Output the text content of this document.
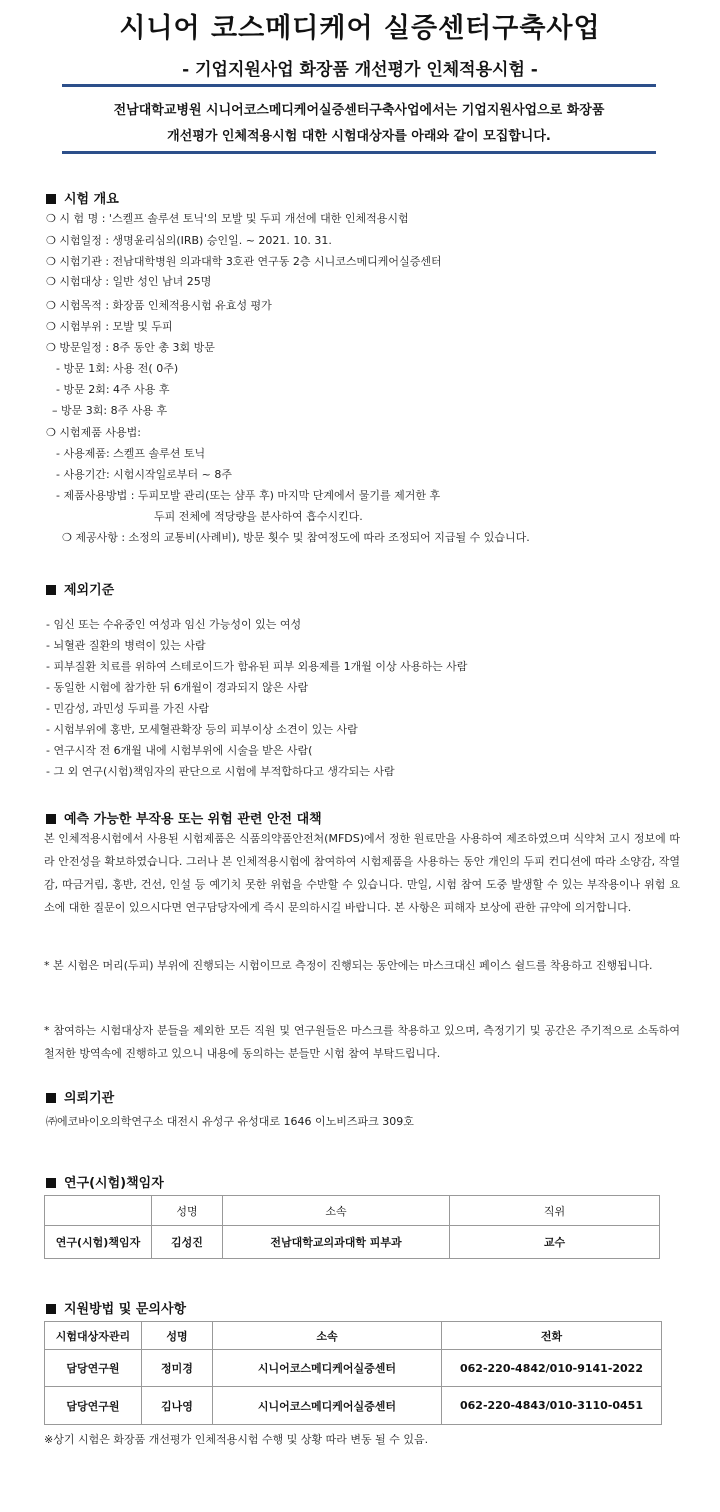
시니어 코스메디케어 실증센터구축사업
- 기업지원사업 화장품 개선평가 인체적용시험 -
전남대학교병원 시니어코스메디케어실증센터구축사업에서는 기업지원사업으로 화장품
개선평가 인체적용시험 대한 시험대상자를 아래와 같이 모집합니다.
시험 개요
❍ 시 험 명 : '스켈프 솔루션 토닉'의 모발 및 두피 개선에 대한 인체적용시험
❍ 시험일정 : 생명윤리심의(IRB) 승인일. ~ 2021. 10. 31.
❍ 시험기관 : 전남대학병원 의과대학 3호관 연구동 2층 시니코스메디케어실증센터
❍ 시험대상 : 일반 성인 남녀 25명
❍ 시험목적 : 화장품 인체적용시험 유효성 평가
❍ 시험부위 : 모발 및 두피
❍ 방문일정 : 8주 동안 총 3회 방문
- 방문 1회: 사용 전( 0주)
- 방문 2회: 4주 사용 후
– 방문 3회: 8주 사용 후
❍ 시험제품 사용법:
- 사용제품: 스켈프 솔루션 토닉
- 사용기간: 시험시작일로부터 ~ 8주
- 제품사용방법 : 두피모발 관리(또는 샴푸 후) 마지막 단계에서 물기를 제거한 후
두피 전체에 적당량을 분사하여 흡수시킨다.
❍ 제공사항 : 소정의 교통비(사례비), 방문 횟수 및 참여정도에 따라 조정되어 지급될 수 있습니다.
제외기준
- 임신 또는 수유중인 여성과 임신 가능성이 있는 여성
- 뇌혈관 질환의 병력이 있는 사람
- 피부질환 치료를 위하여 스테로이드가 함유된 피부 외용제를 1개월 이상 사용하는 사람
- 동일한 시험에 참가한 뒤 6개월이 경과되지 않은 사람
- 민감성, 과민성 두피를 가진 사람
- 시험부위에 홍반, 모세혈관확장 등의 피부이상 소견이 있는 사람
- 연구시작 전 6개월 내에 시험부위에 시술을 받은 사람(
- 그 외 연구(시험)책임자의 판단으로 시험에 부적합하다고 생각되는 사람
예측 가능한 부작용 또는 위험 관련 안전 대책
본 인체적용시험에서 사용된 시험제품은 식품의약품안전처(MFDS)에서 정한 원료만을 사용하여 제조하였으며 식약처 고시 정보에 따라 안전성을 확보하였습니다. 그러나 본 인체적용시험에 참여하여 시험제품을 사용하는 동안 개인의 두피 컨디션에 따라 소양감, 작열감, 따금거림, 홍반, 건선, 인설 등 예기치 못한 위험을 수반할 수 있습니다. 만일, 시험 참여 도중 발생할 수 있는 부작용이나 위험 요소에 대한 질문이 있으시다면 연구담당자에게 즉시 문의하시길 바랍니다. 본 사항은 피해자 보상에 관한 규약에 의거합니다.
* 본 시험은 머리(두피) 부위에 진행되는 시험이므로 측정이 진행되는 동안에는 마스크대신 페이스 쉴드를 착용하고 진행됩니다.
* 참여하는 시험대상자 분들을 제외한 모든 직원 및 연구원들은 마스크를 착용하고 있으며, 측정기기 및 공간은 주기적으로 소독하여 철저한 방역속에 진행하고 있으니 내용에 동의하는 분들만 시험 참여 부탁드립니다.
의뢰기관
㈜에코바이오의학연구소 대전시 유성구 유성대로 1646 이노비즈파크 309호
연구(시험)책임자
	성명	소속	직위
연구(시험)책임자	김성진	전남대학교의과대학 피부과	교수
지원방법 및 문의사항
시험대상자관리	성명	소속	전화
담당연구원	정미경	시니어코스메디케어실증센터	062-220-4842/010-9141-2022
담당연구원	김나영	시니어코스메디케어실증센터	062-220-4843/010-3110-0451
※상기 시험은 화장품 개선평가 인체적용시험 수행 및 상황 따라 변동 될 수 있음.
